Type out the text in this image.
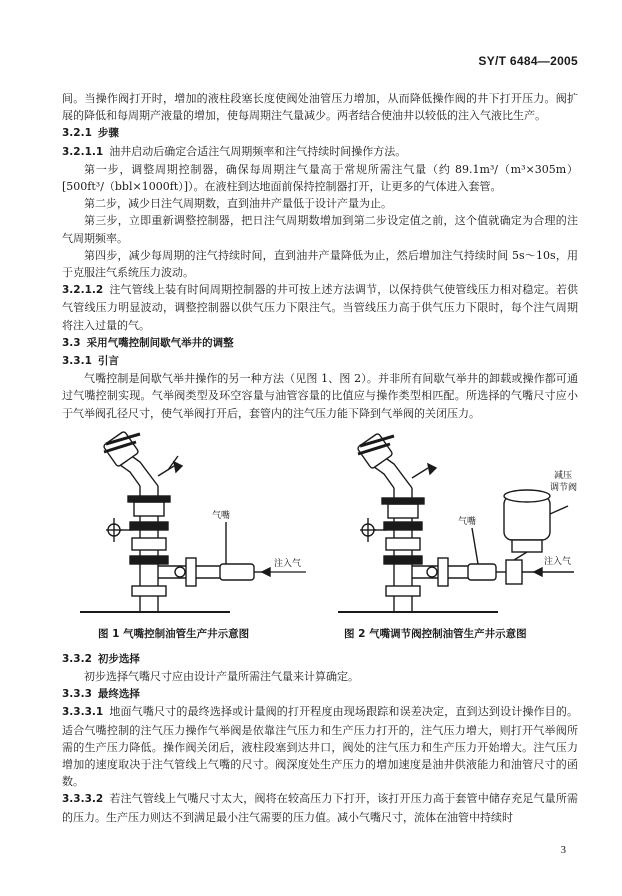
SY/T 6484—2005

间。当操作阀打开时，增加的液柱段塞长度使阀处油管压力增加，从而降低操作阀的井下打开压力。阀扩展的降低和每周期产液量的增加，使每周期注气量减少。两者结合使油井以较低的注入气液比生产。

3.2.1 步骤

3.2.1.1 油井启动后确定合适注气周期频率和注气持续时间操作方法。

第一步，调整周期控制器，确保每周期注气量高于常规所需注气量（约 89.1m³/（m³×305m）[500ft³/（bbl×1000ft）]）。在液柱到达地面前保持控制器打开，让更多的气体进入套管。

第二步，减少日注气周期数，直到油井产量低于设计产量为止。

第三步，立即重新调整控制器，把日注气周期数增加到第二步设定值之前，这个值就确定为合理的注气周期频率。

第四步，减少每周期的注气持续时间，直到油井产量降低为止，然后增加注气持续时间 5s～10s，用于克服注气系统压力波动。

3.2.1.2 注气管线上装有时间周期控制器的井可按上述方法调节，以保持供气使管线压力相对稳定。若供气管线压力明显波动，调整控制器以供气压力下限注气。当管线压力高于供气压力下限时，每个注气周期将注入过量的气。

3.3 采用气嘴控制间歇气举井的调整

3.3.1 引言

气嘴控制是间歇气举井操作的另一种方法（见图 1、图 2）。并非所有间歇气举井的卸载或操作都可通过气嘴控制实现。气举阀类型及环空容量与油管容量的比值应与操作类型相匹配。所选择的气嘴尺寸应小于气举阀孔径尺寸，使气举阀打开后，套管内的注气压力能下降到气举阀的关闭压力。

气嘴
注入气
图 1 气嘴控制油管生产井示意图
气嘴
减压
调节阀
注入气
图 2 气嘴调节阀控制油管生产井示意图

3.3.2 初步选择

初步选择气嘴尺寸应由设计产量所需注气量来计算确定。

3.3.3 最终选择

3.3.3.1 地面气嘴尺寸的最终选择或计量阀的打开程度由现场跟踪和误差决定，直到达到设计操作目的。适合气嘴控制的注气压力操作气举阀是依靠注气压力和生产压力打开的，注气压力增大，则打开气举阀所需的生产压力降低。操作阀关闭后，液柱段塞到达井口，阀处的注气压力和生产压力开始增大。注气压力增加的速度取决于注气管线上气嘴的尺寸。阀深度处生产压力的增加速度是油井供液能力和油管尺寸的函数。

3.3.3.2 若注气管线上气嘴尺寸太大，阀将在较高压力下打开，该打开压力高于套管中储存充足气量所需的压力。生产压力则达不到满足最小注气需要的压力值。减小气嘴尺寸，流体在油管中持续时

3
